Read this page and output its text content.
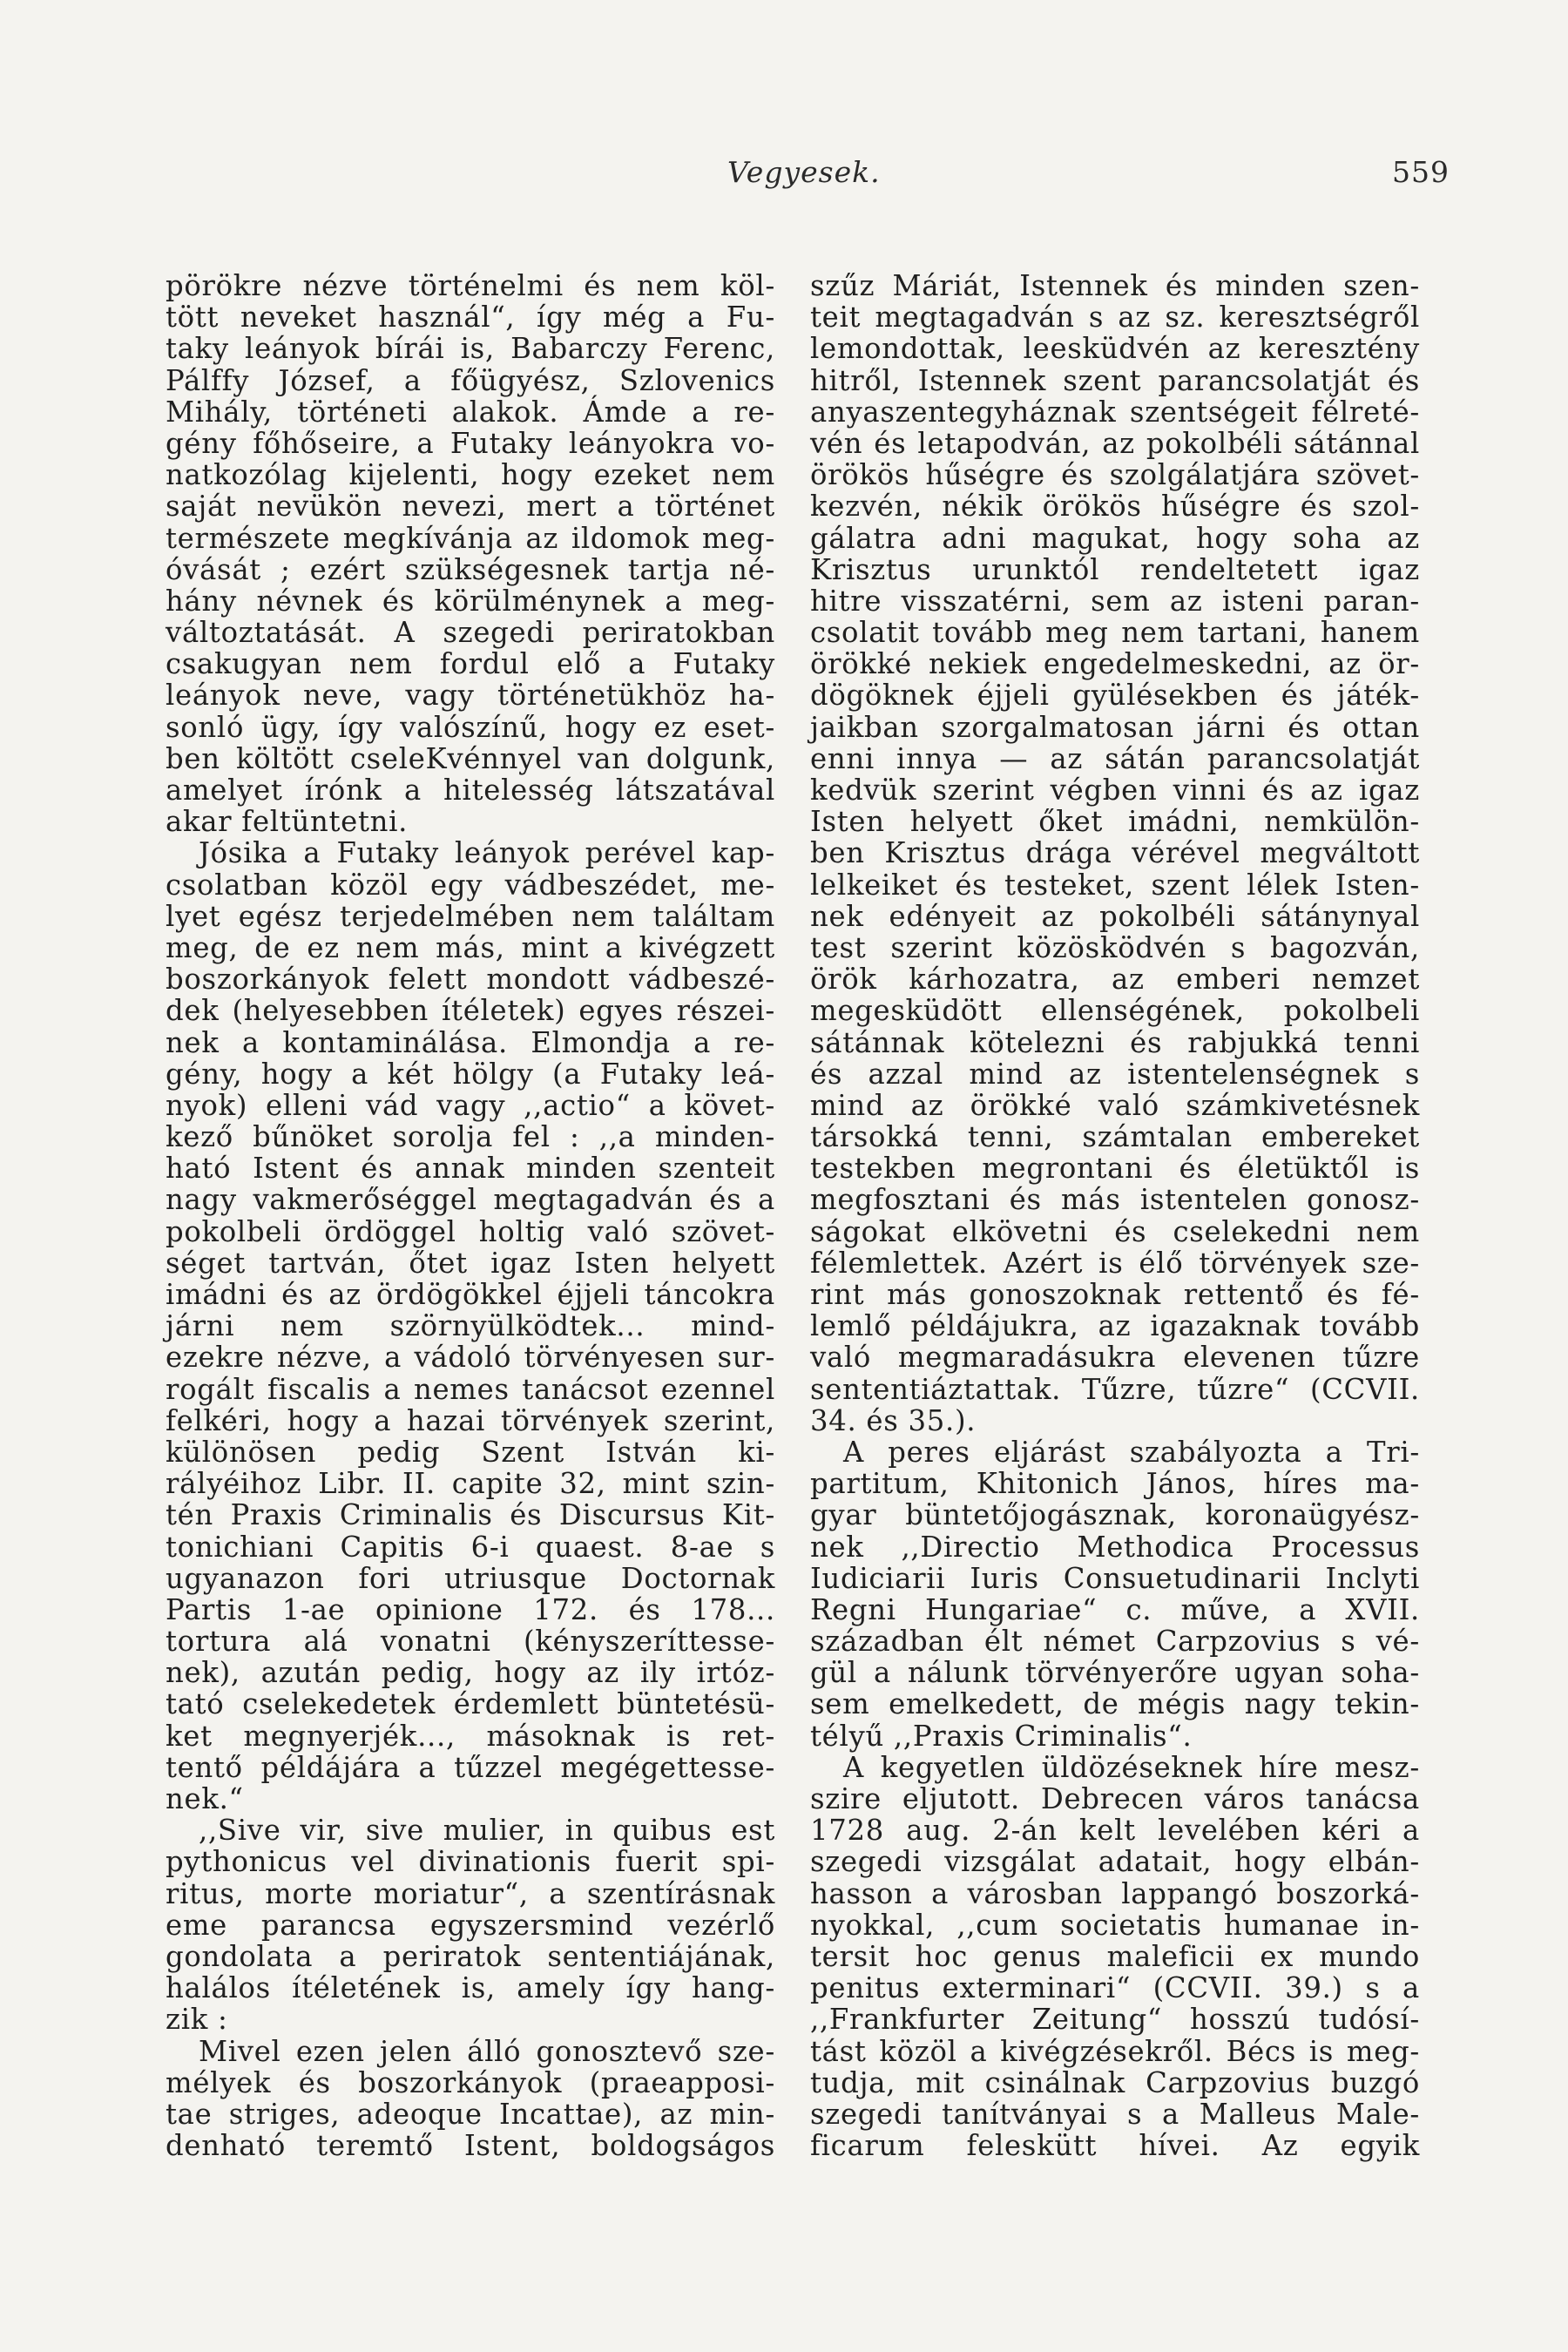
Vegyesek.	559
pörökre nézve történelmi és nem köl-
tött neveket használ“, így még a Fu-
taky leányok bírái is, Babarczy Ferenc,
Pálffy József, a főügyész, Szlovenics
Mihály, történeti alakok. Ámde a re-
gény főhőseire, a Futaky leányokra vo-
natkozólag kijelenti, hogy ezeket nem
saját nevükön nevezi, mert a történet
természete megkívánja az ildomok meg-
óvását ; ezért szükségesnek tartja né-
hány névnek és körülménynek a meg-
változtatását. A szegedi periratokban
csakugyan nem fordul elő a Futaky
leányok neve, vagy történetükhöz ha-
sonló ügy, így valószínű, hogy ez eset-
ben költött cseleKvénnyel van dolgunk,
amelyet írónk a hitelesség látszatával
akar feltüntetni.
Jósika a Futaky leányok perével kap-
csolatban közöl egy vádbeszédet, me-
lyet egész terjedelmében nem találtam
meg, de ez nem más, mint a kivégzett
boszorkányok felett mondott vádbeszé-
dek (helyesebben ítéletek) egyes részei-
nek a kontaminálása. Elmondja a re-
gény, hogy a két hölgy (a Futaky leá-
nyok) elleni vád vagy ,,actio“ a követ-
kező bűnöket sorolja fel : ,,a minden-
ható Istent és annak minden szenteit
nagy vakmerőséggel megtagadván és a
pokolbeli ördöggel holtig való szövet-
séget tartván, őtet igaz Isten helyett
imádni és az ördögökkel éjjeli táncokra
járni nem szörnyülködtek... mind-
ezekre nézve, a vádoló törvényesen sur-
rogált fiscalis a nemes tanácsot ezennel
felkéri, hogy a hazai törvények szerint,
különösen pedig Szent István ki-
rályéihoz Libr. II. capite 32, mint szin-
tén Praxis Criminalis és Discursus Kit-
tonichiani Capitis 6-i quaest. 8-ae s
ugyanazon fori utriusque Doctornak
Partis 1-ae opinione 172. és 178...
tortura alá vonatni (kényszeríttesse-
nek), azután pedig, hogy az ily irtóz-
tató cselekedetek érdemlett büntetésü-
ket megnyerjék..., másoknak is ret-
tentő példájára a tűzzel megégettesse-
nek.“
,,Sive vir, sive mulier, in quibus est
pythonicus vel divinationis fuerit spi-
ritus, morte moriatur“, a szentírásnak
eme parancsa egyszersmind vezérlő
gondolata a periratok sententiájának,
halálos ítéletének is, amely így hang-
zik :
Mivel ezen jelen álló gonosztevő sze-
mélyek és boszorkányok (praeapposi-
tae striges, adeoque Incattae), az min-
denható teremtő Istent, boldogságos
szűz Máriát, Istennek és minden szen-
teit megtagadván s az sz. keresztségről
lemondottak, leesküdvén az keresztény
hitről, Istennek szent parancsolatját és
anyaszentegyháznak szentségeit félreté-
vén és letapodván, az pokolbéli sátánnal
örökös hűségre és szolgálatjára szövet-
kezvén, nékik örökös hűségre és szol-
gálatra adni magukat, hogy soha az
Krisztus urunktól rendeltetett igaz
hitre visszatérni, sem az isteni paran-
csolatit tovább meg nem tartani, hanem
örökké nekiek engedelmeskedni, az ör-
dögöknek éjjeli gyülésekben és játék-
jaikban szorgalmatosan járni és ottan
enni innya — az sátán parancsolatját
kedvük szerint végben vinni és az igaz
Isten helyett őket imádni, nemkülön-
ben Krisztus drága vérével megváltott
lelkeiket és testeket, szent lélek Isten-
nek edényeit az pokolbéli sátánynyal
test szerint közösködvén s bagozván,
örök kárhozatra, az emberi nemzet
megesküdött ellenségének, pokolbeli
sátánnak kötelezni és rabjukká tenni
és azzal mind az istentelenségnek s
mind az örökké való számkivetésnek
társokká tenni, számtalan embereket
testekben megrontani és életüktől is
megfosztani és más istentelen gonosz-
ságokat elkövetni és cselekedni nem
félemlettek. Azért is élő törvények sze-
rint más gonoszoknak rettentő és fé-
lemlő példájukra, az igazaknak tovább
való megmaradásukra elevenen tűzre
sententiáztattak. Tűzre, tűzre“ (CCVII.
34. és 35.).
A peres eljárást szabályozta a Tri-
partitum, Khitonich János, híres ma-
gyar büntetőjogásznak, koronaügyész-
nek ,,Directio Methodica Processus
Iudiciarii Iuris Consuetudinarii Inclyti
Regni Hungariae“ c. műve, a XVII.
században élt német Carpzovius s vé-
gül a nálunk törvényerőre ugyan soha-
sem emelkedett, de mégis nagy tekin-
télyű ,,Praxis Criminalis“.
A kegyetlen üldözéseknek híre mesz-
szire eljutott. Debrecen város tanácsa
1728 aug. 2-án kelt levelében kéri a
szegedi vizsgálat adatait, hogy elbán-
hasson a városban lappangó boszorká-
nyokkal, ,,cum societatis humanae in-
tersit hoc genus maleficii ex mundo
penitus exterminari“ (CCVII. 39.) s a
,,Frankfurter Zeitung“ hosszú tudósí-
tást közöl a kivégzésekről. Bécs is meg-
tudja, mit csinálnak Carpzovius buzgó
szegedi tanítványai s a Malleus Male-
ficarum feleskütt hívei. Az egyik
